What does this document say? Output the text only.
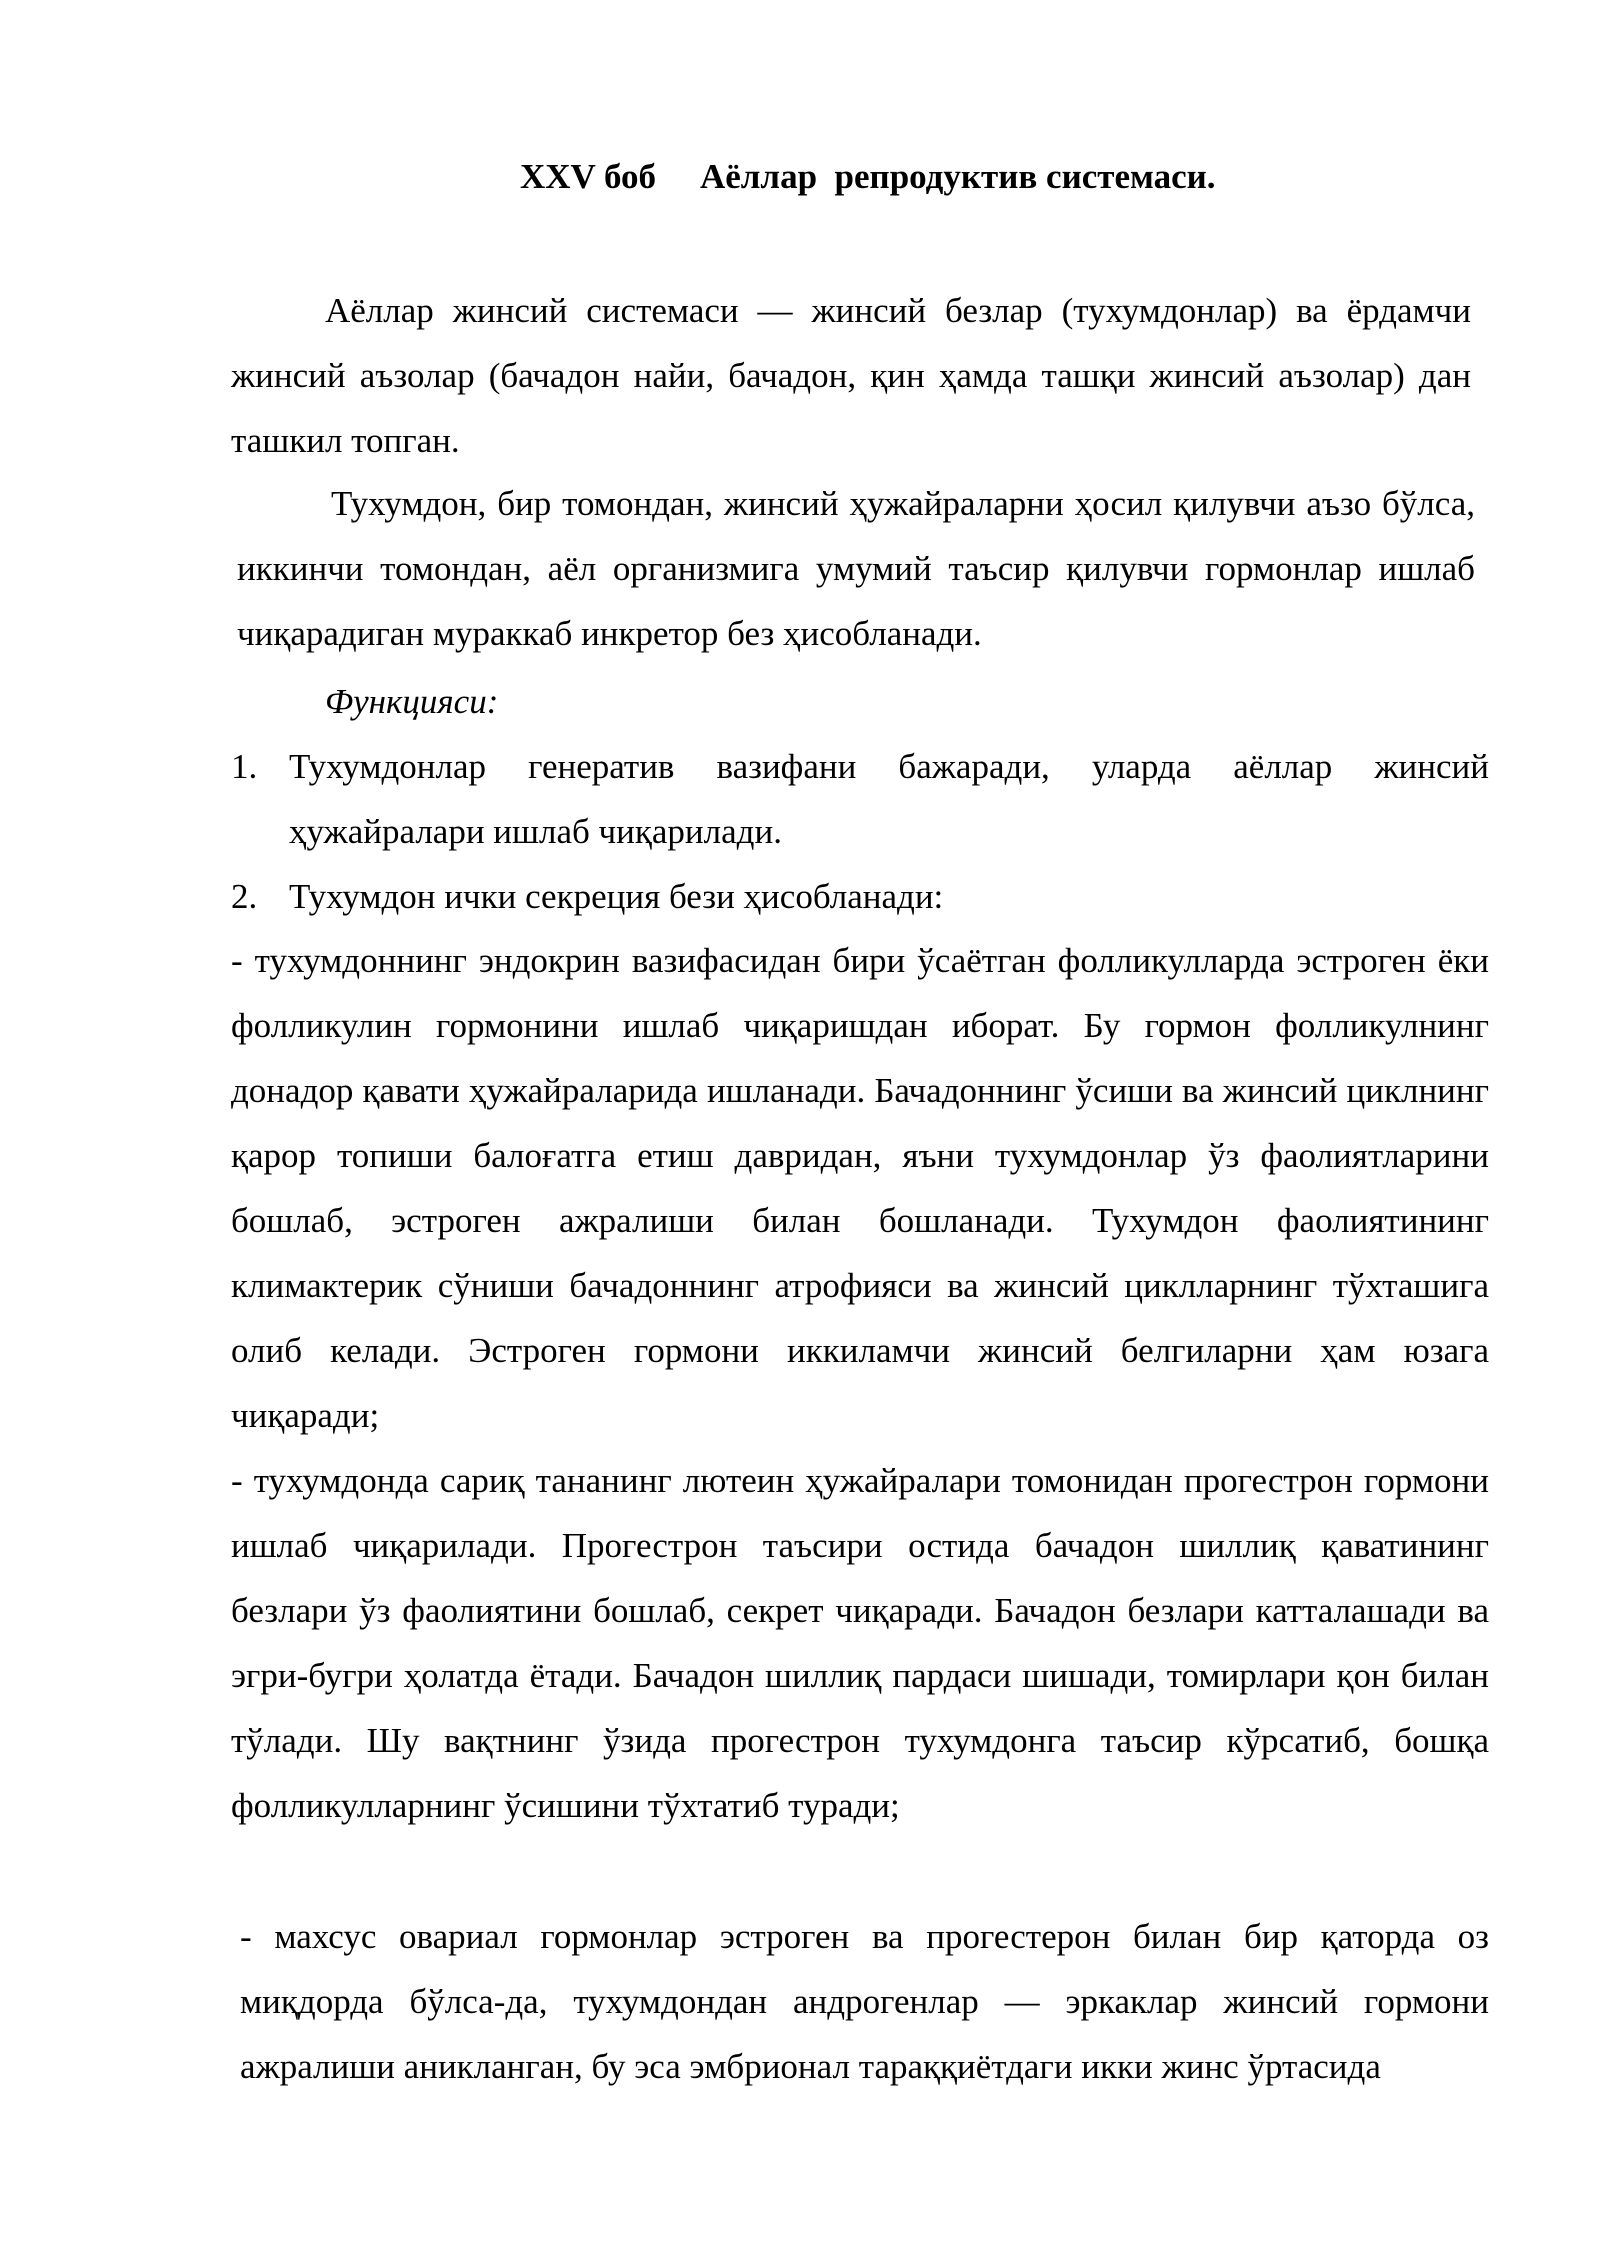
XXV боб Аёллар  репродуктив системаси.
Аёллар жинсий системаси — жинсий безлар (тухумдонлар) ва ёрдамчи жинсий аъзолар (бачадон найи, бачадон, қин ҳамда ташқи жинсий аъзолар) дан ташкил топган.
Тухумдон, бир томондан, жинсий ҳужайраларни ҳосил қилувчи аъзо бўлса, иккинчи томондан, аёл организмига умумий таъсир қилувчи гормонлар ишлаб чиқарадиган мураккаб инкретор без ҳисобланади.
Функцияси:
1. Тухумдонлар генератив вазифани бажаради, уларда аёллар жинсий ҳужайралари ишлаб чиқарилади.
2. Тухумдон ички секреция бези ҳисобланади:
- тухумдоннинг эндокрин вазифасидан бири ўсаётган фолликулларда эстроген ёки фолликулин гормонини ишлаб чиқаришдан иборат. Бу гормон фолликулнинг донадор қавати ҳужайраларида ишланади. Бачадоннинг ўсиши ва жинсий циклнинг қарор топиши балоғатга етиш давридан, яъни тухумдонлар ўз фаолиятларини бошлаб, эстроген ажралиши билан бошланади. Тухумдон фаолиятининг климактерик сўниши бачадоннинг атрофияси ва жинсий циклларнинг тўхташига олиб келади. Эстроген гормони иккиламчи жинсий белгиларни ҳам юзага чиқаради;
- тухумдонда сариқ тананинг лютеин ҳужайралари томонидан прогестрон гормони ишлаб чиқарилади. Прогестрон таъсири остида бачадон шиллиқ қаватининг безлари ўз фаолиятини бошлаб, секрет чиқаради. Бачадон безлари катталашади ва эгри-бугри ҳолатда ётади. Бачадон шиллиқ пардаси шишади, томирлари қон билан тўлади. Шу вақтнинг ўзида прогестрон тухумдонга таъсир кўрсатиб, бошқа фолликулларнинг ўсишини тўхтатиб туради;
- махсус овариал гормонлар эстроген ва прогестерон билан бир қаторда оз миқдорда бўлса-да, тухумдондан андрогенлар — эркаклар жинсий гормони ажралиши аникланган, бу эса эмбрионал тараққиётдаги икки жинс ўртасида
